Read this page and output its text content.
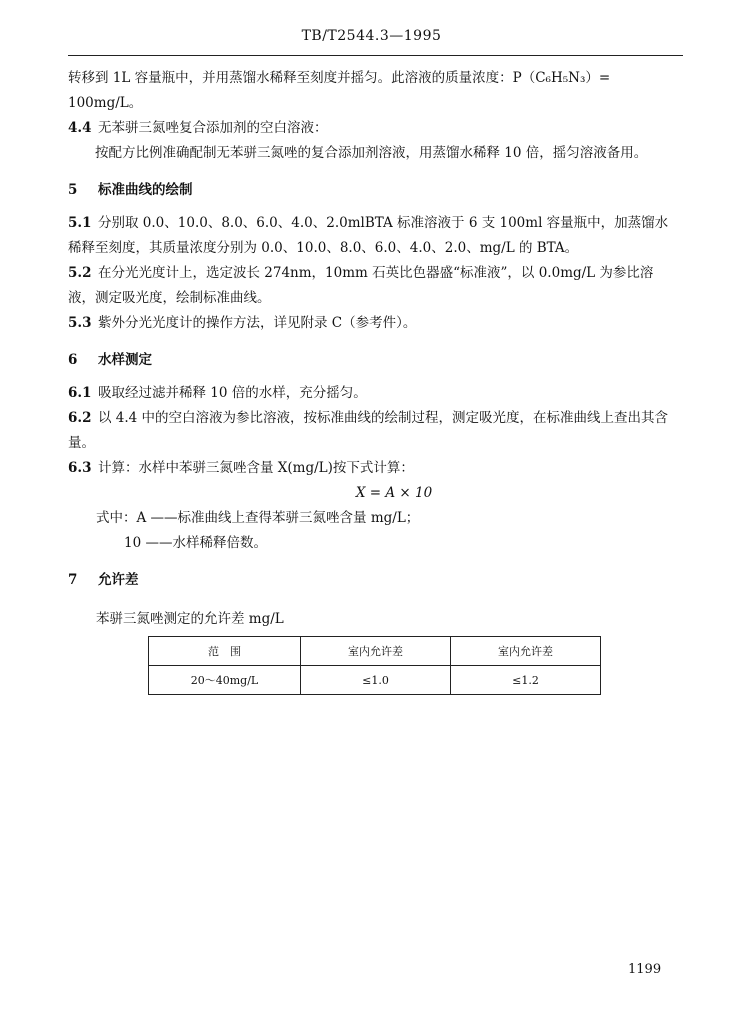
TB/T2544.3—1995

转移到 1L 容量瓶中，并用蒸馏水稀释至刻度并摇匀。此溶液的质量浓度：P（C₆H₅N₃）=

100mg/L。

4.4 无苯骈三氮唑复合添加剂的空白溶液：

按配方比例准确配制无苯骈三氮唑的复合添加剂溶液，用蒸馏水稀释 10 倍，摇匀溶液备用。

5	标准曲线的绘制

5.1 分别取 0.0、10.0、8.0、6.0、4.0、2.0mlBTA 标准溶液于 6 支 100ml 容量瓶中，加蒸馏水稀释至刻度，其质量浓度分别为 0.0、10.0、8.0、6.0、4.0、2.0、mg/L 的 BTA。

5.2 在分光光度计上，选定波长 274nm，10mm 石英比色器盛“标准液”，以 0.0mg/L 为参比溶液，测定吸光度，绘制标准曲线。

5.3 紫外分光光度计的操作方法，详见附录 C（参考件）。

6	水样测定

6.1 吸取经过滤并稀释 10 倍的水样，充分摇匀。

6.2 以 4.4 中的空白溶液为参比溶液，按标准曲线的绘制过程，测定吸光度，在标准曲线上查出其含量。

6.3 计算：水样中苯骈三氮唑含量 X(mg/L)按下式计算：

X = A × 10

式中：A ——标准曲线上查得苯骈三氮唑含量 mg/L；

10 ——水样稀释倍数。

7	允许差

苯骈三氮唑测定的允许差 mg/L

范　围	室内允许差	室内允许差
20～40mg/L	≤1.0	≤1.2
1199
